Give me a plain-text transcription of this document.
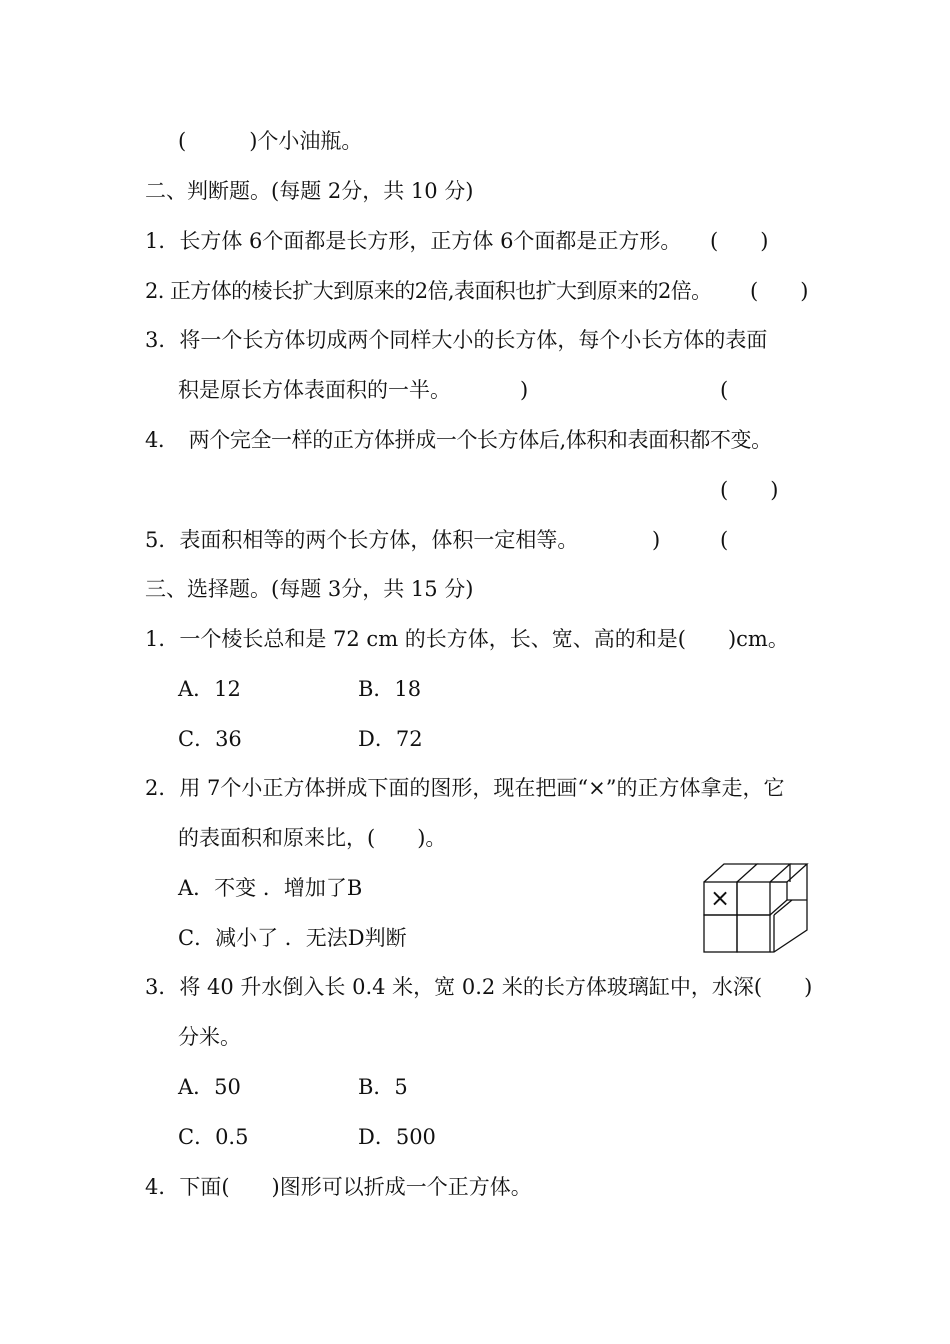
(　　　)个小油瓶。
二、判断题。(每题 2分，共 10 分)
1．长方体 6个面都是长方形，正方体 6个面都是正方形。 (　　)
2. 正方体的棱长扩大到原来的2倍,表面积也扩大到原来的2倍。 (　　)
3．将一个长方体切成两个同样大小的长方体，每个小长方体的表面
积是原长方体表面积的一半。	)	(
4．　两个完全一样的正方体拼成一个长方体后,体积和表面积都不变。
(　　)
5．表面积相等的两个长方体，体积一定相等。	)	(
三、选择题。(每题 3分，共 15 分)
1．一个棱长总和是 72 cm 的长方体，长、宽、高的和是(　　)cm。
A．12	B．18
C．36	D．72
2．用 7个小正方体拼成下面的图形，现在把画“×”的正方体拿走，它
的表面积和原来比，(　　)。
A．不变 ．增加了B
C．减小了 ．无法D判断
×
3．将 40 升水倒入长 0.4 米，宽 0.2 米的长方体玻璃缸中，水深(　　)
分米。
A．50	B．5
C．0.5	D．500
4．下面(　　)图形可以折成一个正方体。
